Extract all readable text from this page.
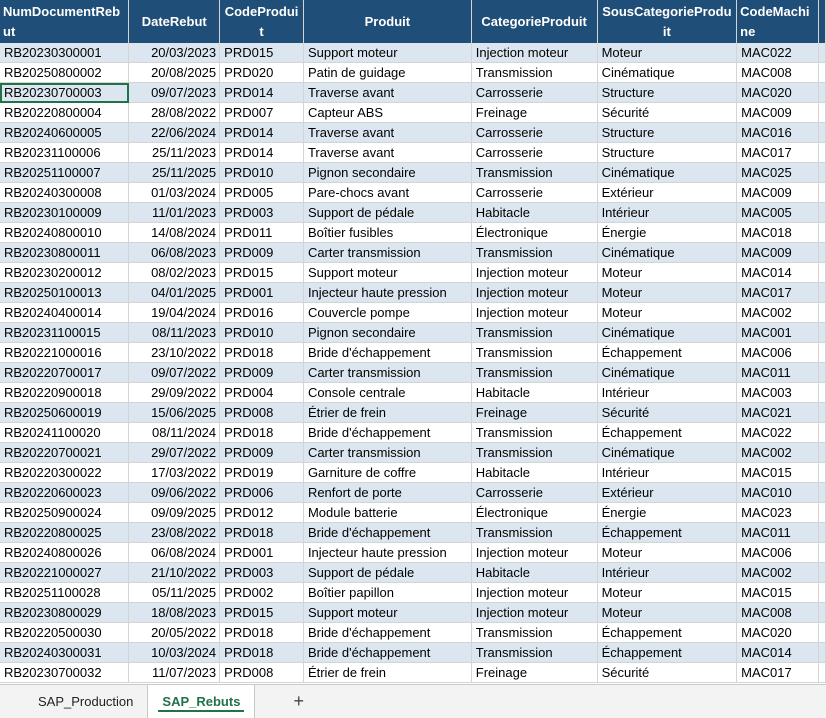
NumDocumentRebut	DateRebut	CodeProduit	Produit	CategorieProduit	SousCategorieProduit	CodeMachine	
RB20230300001	20/03/2023	PRD015	Support moteur	Injection moteur	Moteur	MAC022	
RB20250800002	20/08/2025	PRD020	Patin de guidage	Transmission	Cinématique	MAC008	
RB20230700003	09/07/2023	PRD014	Traverse avant	Carrosserie	Structure	MAC020	
RB20220800004	28/08/2022	PRD007	Capteur ABS	Freinage	Sécurité	MAC009	
RB20240600005	22/06/2024	PRD014	Traverse avant	Carrosserie	Structure	MAC016	
RB20231100006	25/11/2023	PRD014	Traverse avant	Carrosserie	Structure	MAC017	
RB20251100007	25/11/2025	PRD010	Pignon secondaire	Transmission	Cinématique	MAC025	
RB20240300008	01/03/2024	PRD005	Pare-chocs avant	Carrosserie	Extérieur	MAC009	
RB20230100009	11/01/2023	PRD003	Support de pédale	Habitacle	Intérieur	MAC005	
RB20240800010	14/08/2024	PRD011	Boîtier fusibles	Électronique	Énergie	MAC018	
RB20230800011	06/08/2023	PRD009	Carter transmission	Transmission	Cinématique	MAC009	
RB20230200012	08/02/2023	PRD015	Support moteur	Injection moteur	Moteur	MAC014	
RB20250100013	04/01/2025	PRD001	Injecteur haute pression	Injection moteur	Moteur	MAC017	
RB20240400014	19/04/2024	PRD016	Couvercle pompe	Injection moteur	Moteur	MAC002	
RB20231100015	08/11/2023	PRD010	Pignon secondaire	Transmission	Cinématique	MAC001	
RB20221000016	23/10/2022	PRD018	Bride d'échappement	Transmission	Échappement	MAC006	
RB20220700017	09/07/2022	PRD009	Carter transmission	Transmission	Cinématique	MAC011	
RB20220900018	29/09/2022	PRD004	Console centrale	Habitacle	Intérieur	MAC003	
RB20250600019	15/06/2025	PRD008	Étrier de frein	Freinage	Sécurité	MAC021	
RB20241100020	08/11/2024	PRD018	Bride d'échappement	Transmission	Échappement	MAC022	
RB20220700021	29/07/2022	PRD009	Carter transmission	Transmission	Cinématique	MAC002	
RB20220300022	17/03/2022	PRD019	Garniture de coffre	Habitacle	Intérieur	MAC015	
RB20220600023	09/06/2022	PRD006	Renfort de porte	Carrosserie	Extérieur	MAC010	
RB20250900024	09/09/2025	PRD012	Module batterie	Électronique	Énergie	MAC023	
RB20220800025	23/08/2022	PRD018	Bride d'échappement	Transmission	Échappement	MAC011	
RB20240800026	06/08/2024	PRD001	Injecteur haute pression	Injection moteur	Moteur	MAC006	
RB20221000027	21/10/2022	PRD003	Support de pédale	Habitacle	Intérieur	MAC002	
RB20251100028	05/11/2025	PRD002	Boîtier papillon	Injection moteur	Moteur	MAC015	
RB20230800029	18/08/2023	PRD015	Support moteur	Injection moteur	Moteur	MAC008	
RB20220500030	20/05/2022	PRD018	Bride d'échappement	Transmission	Échappement	MAC020	
RB20240300031	10/03/2024	PRD018	Bride d'échappement	Transmission	Échappement	MAC014	
RB20230700032	11/07/2023	PRD008	Étrier de frein	Freinage	Sécurité	MAC017	
SAP_Production	SAP_Rebuts	+
